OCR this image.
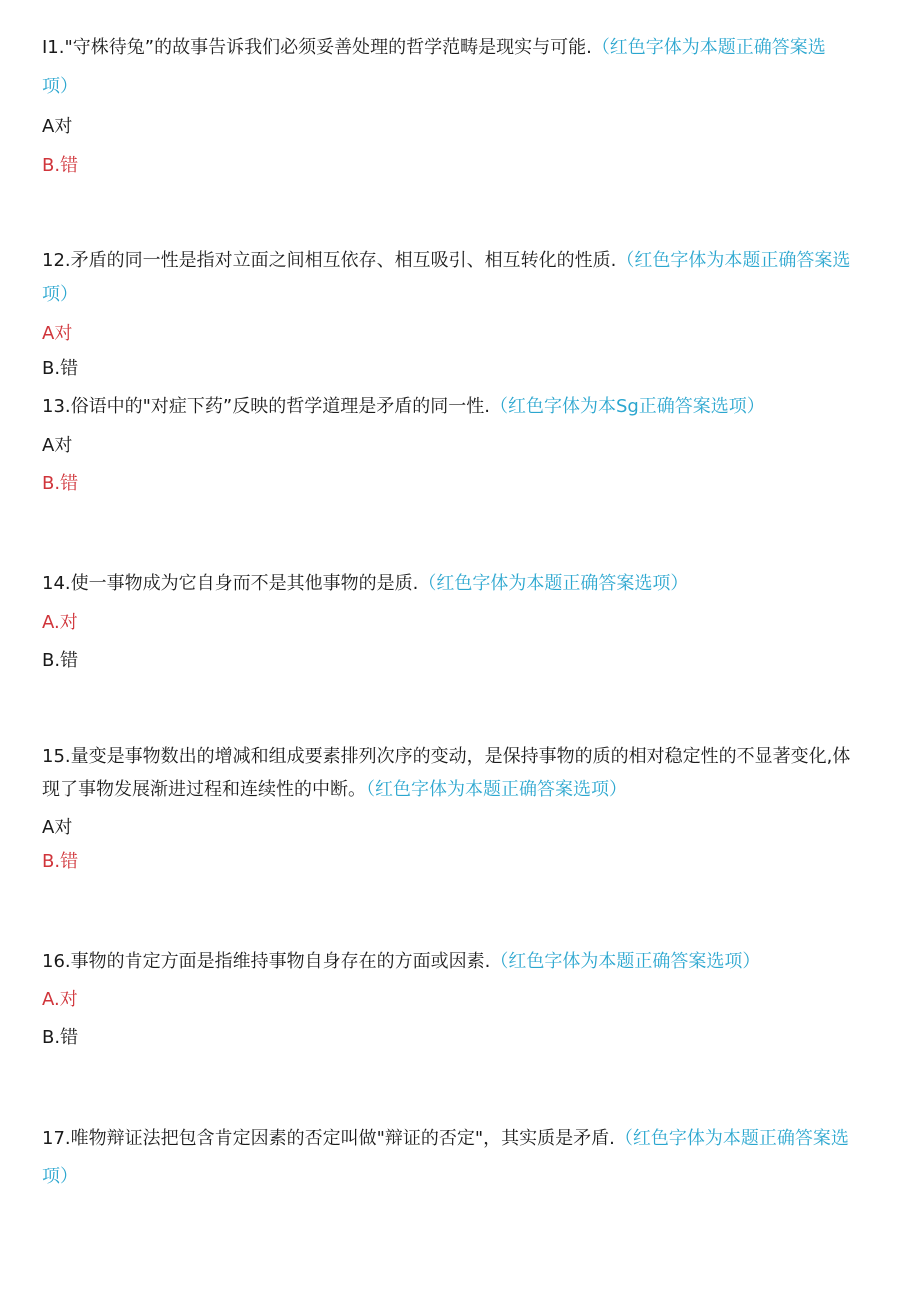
I1."守株待兔”的故事告诉我们必须妥善处理的哲学范畴是现实与可能.（红色字体为本题正确答案选
项）
A对
B.错
12.矛盾的同一性是指对立面之间相互依存、相互吸引、相互转化的性质.（红色字体为本题正确答案选
项）
A对
B.错
13.俗语中的"对症下药”反映的哲学道理是矛盾的同一性.（红色字体为本Sg正确答案选项）
A对
B.错
14.使一事物成为它自身而不是其他事物的是质.（红色字体为本题正确答案选项）
A.对
B.错
15.量变是事物数出的增减和组成要素排列次序的变动，是保持事物的质的相对稳定性的不显著变化,体
现了事物发展渐进过程和连续性的中断。（红色字体为本题正确答案选项）
A对
B.错
16.事物的肯定方面是指维持事物自身存在的方面或因素.（红色字体为本题正确答案选项）
A.对
B.错
17.唯物辩证法把包含肯定因素的否定叫做"辩证的否定"，其实质是矛盾.（红色字体为本题正确答案选
项）
